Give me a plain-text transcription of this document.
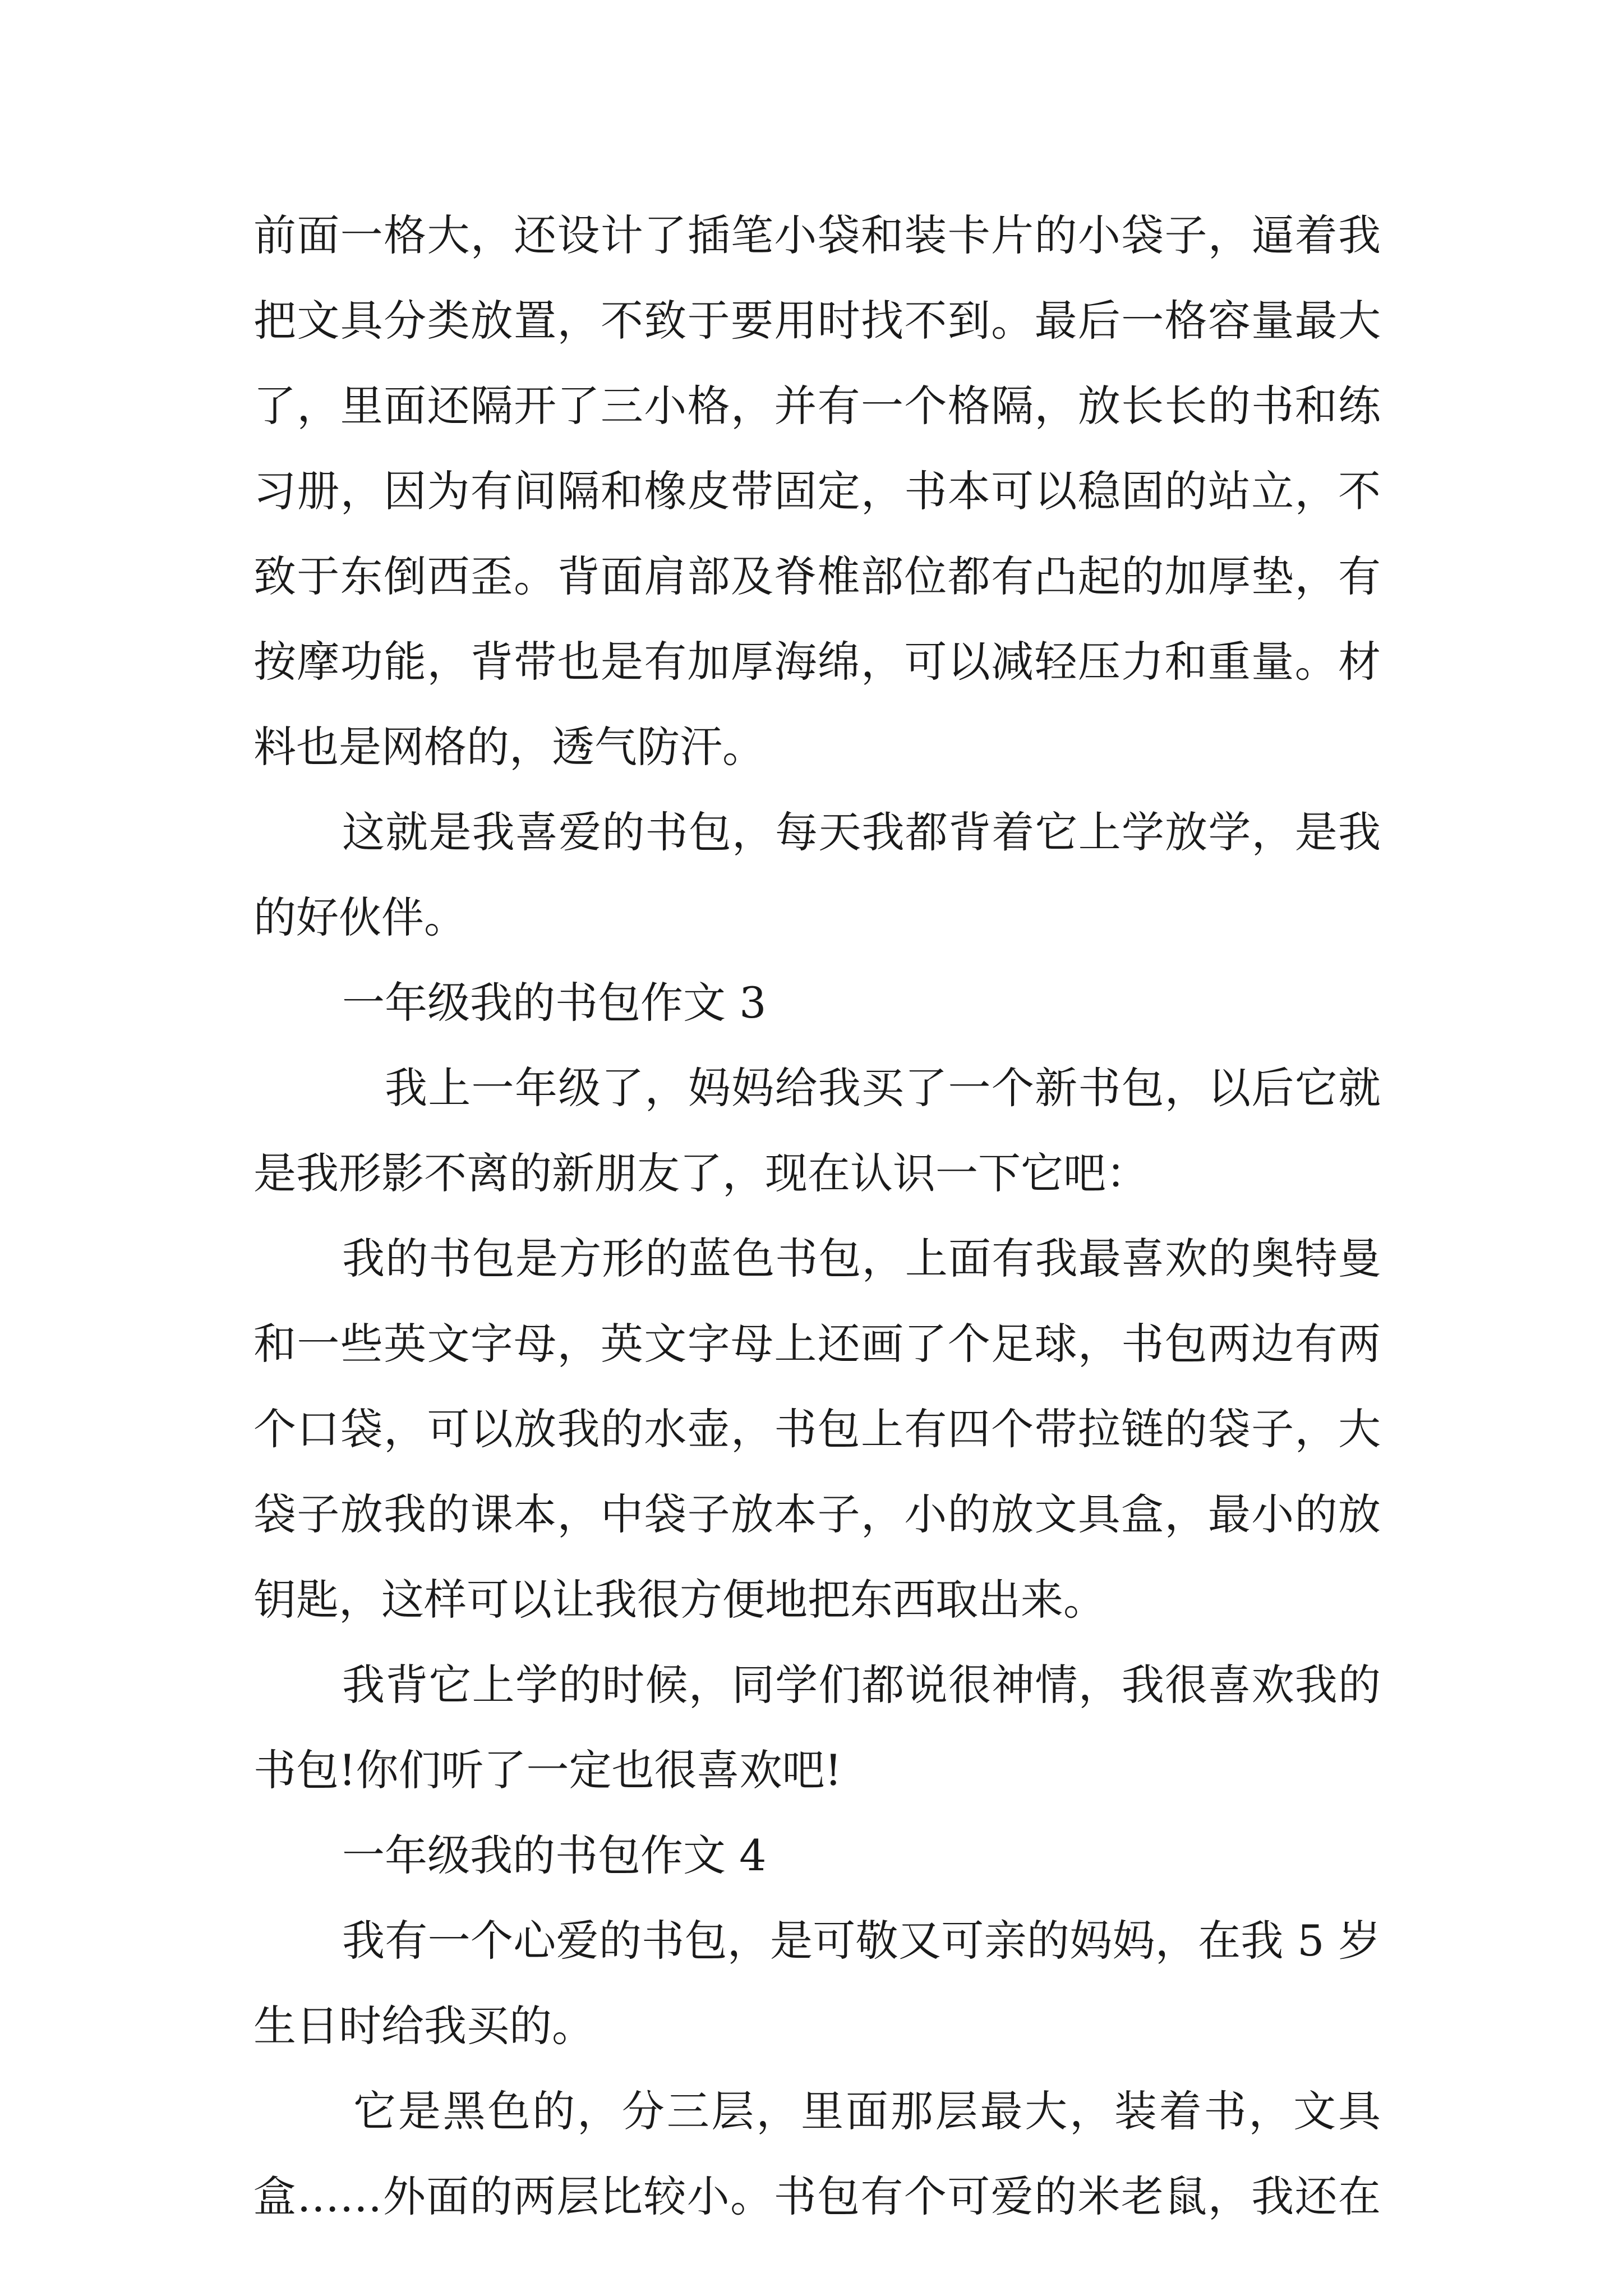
前面一格大，还设计了插笔小袋和装卡片的小袋子，逼着我
把文具分类放置，不致于要用时找不到。最后一格容量最大
了，里面还隔开了三小格，并有一个格隔，放长长的书和练
习册，因为有间隔和橡皮带固定，书本可以稳固的站立，不
致于东倒西歪。背面肩部及脊椎部位都有凸起的加厚垫，有
按摩功能，背带也是有加厚海绵，可以减轻压力和重量。材
料也是网格的，透气防汗。
这就是我喜爱的书包，每天我都背着它上学放学，是我
的好伙伴。
一年级我的书包作文 3
我上一年级了，妈妈给我买了一个新书包，以后它就
是我形影不离的新朋友了，现在认识一下它吧：
我的书包是方形的蓝色书包，上面有我最喜欢的奥特曼
和一些英文字母，英文字母上还画了个足球，书包两边有两
个口袋，可以放我的水壶，书包上有四个带拉链的袋子，大
袋子放我的课本，中袋子放本子，小的放文具盒，最小的放
钥匙，这样可以让我很方便地把东西取出来。
我背它上学的时候，同学们都说很神情，我很喜欢我的
书包!你们听了一定也很喜欢吧!
一年级我的书包作文 4
我有一个心爱的书包，是可敬又可亲的妈妈，在我 5 岁
生日时给我买的。
它是黑色的，分三层，里面那层最大，装着书，文具
盒……外面的两层比较小。书包有个可爱的米老鼠，我还在
